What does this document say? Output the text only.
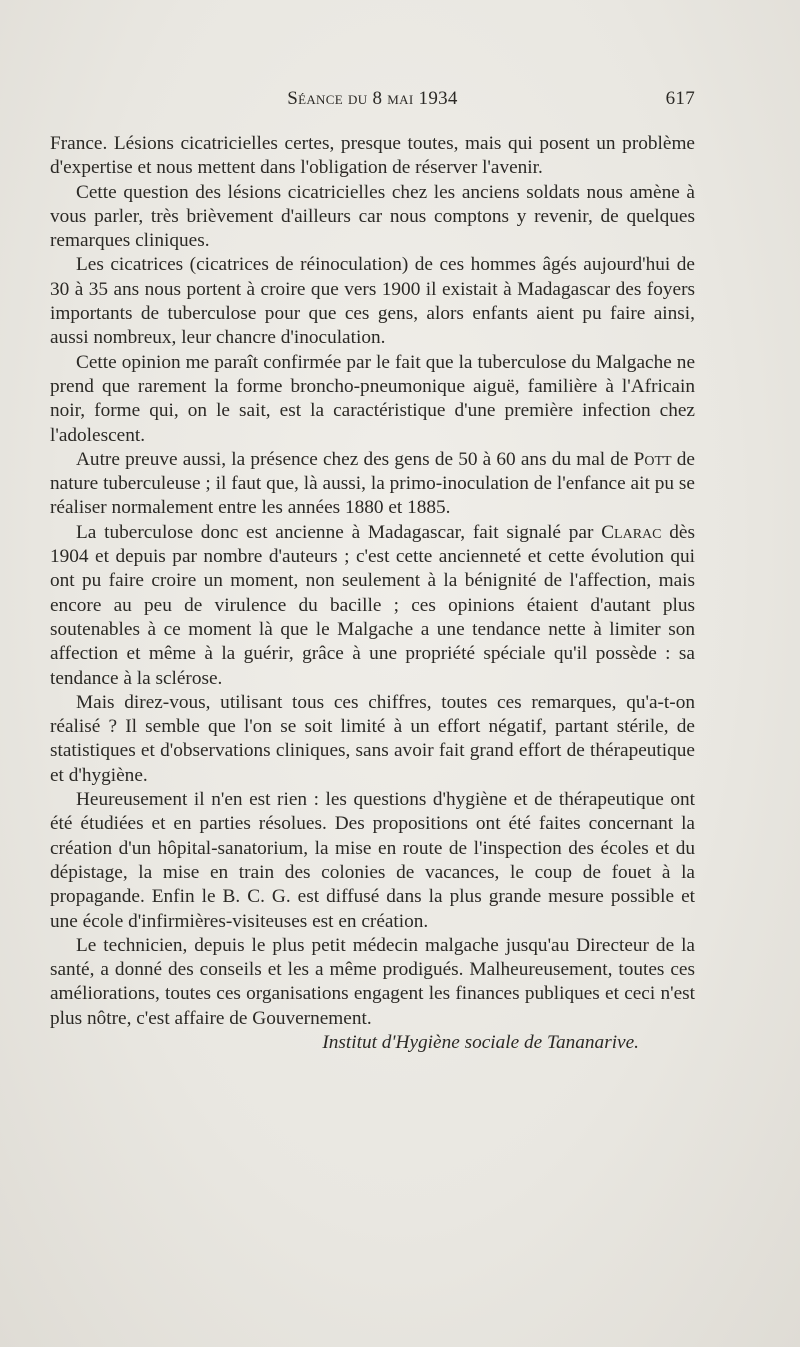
Séance du 8 mai 1934	617

France. Lésions cicatricielles certes, presque toutes, mais qui posent un problème d'expertise et nous mettent dans l'obligation de réserver l'avenir.

Cette question des lésions cicatricielles chez les anciens soldats nous amène à vous parler, très brièvement d'ailleurs car nous comptons y revenir, de quelques remarques cliniques.

Les cicatrices (cicatrices de réinoculation) de ces hommes âgés aujourd'hui de 30 à 35 ans nous portent à croire que vers 1900 il existait à Madagascar des foyers importants de tuberculose pour que ces gens, alors enfants aient pu faire ainsi, aussi nombreux, leur chancre d'inoculation.

Cette opinion me paraît confirmée par le fait que la tuberculose du Malgache ne prend que rarement la forme broncho-pneumonique aiguë, familière à l'Africain noir, forme qui, on le sait, est la caractéristique d'une première infection chez l'adolescent.

Autre preuve aussi, la présence chez des gens de 50 à 60 ans du mal de Pott de nature tuberculeuse ; il faut que, là aussi, la primo-inoculation de l'enfance ait pu se réaliser normalement entre les années 1880 et 1885.

La tuberculose donc est ancienne à Madagascar, fait signalé par Clarac dès 1904 et depuis par nombre d'auteurs ; c'est cette ancienneté et cette évolution qui ont pu faire croire un moment, non seulement à la bénignité de l'affection, mais encore au peu de virulence du bacille ; ces opinions étaient d'autant plus soutenables à ce moment là que le Malgache a une tendance nette à limiter son affection et même à la guérir, grâce à une propriété spéciale qu'il possède : sa tendance à la sclérose.

Mais direz-vous, utilisant tous ces chiffres, toutes ces remarques, qu'a-t-on réalisé ? Il semble que l'on se soit limité à un effort négatif, partant stérile, de statistiques et d'observations cliniques, sans avoir fait grand effort de thérapeutique et d'hygiène.

Heureusement il n'en est rien : les questions d'hygiène et de thérapeutique ont été étudiées et en parties résolues. Des propositions ont été faites concernant la création d'un hôpital-sanatorium, la mise en route de l'inspection des écoles et du dépistage, la mise en train des colonies de vacances, le coup de fouet à la propagande. Enfin le B. C. G. est diffusé dans la plus grande mesure possible et une école d'infirmières-visiteuses est en création.

Le technicien, depuis le plus petit médecin malgache jusqu'au Directeur de la santé, a donné des conseils et les a même prodigués. Malheureusement, toutes ces améliorations, toutes ces organisations engagent les finances publiques et ceci n'est plus nôtre, c'est affaire de Gouvernement.

Institut d'Hygiène sociale de Tananarive.
